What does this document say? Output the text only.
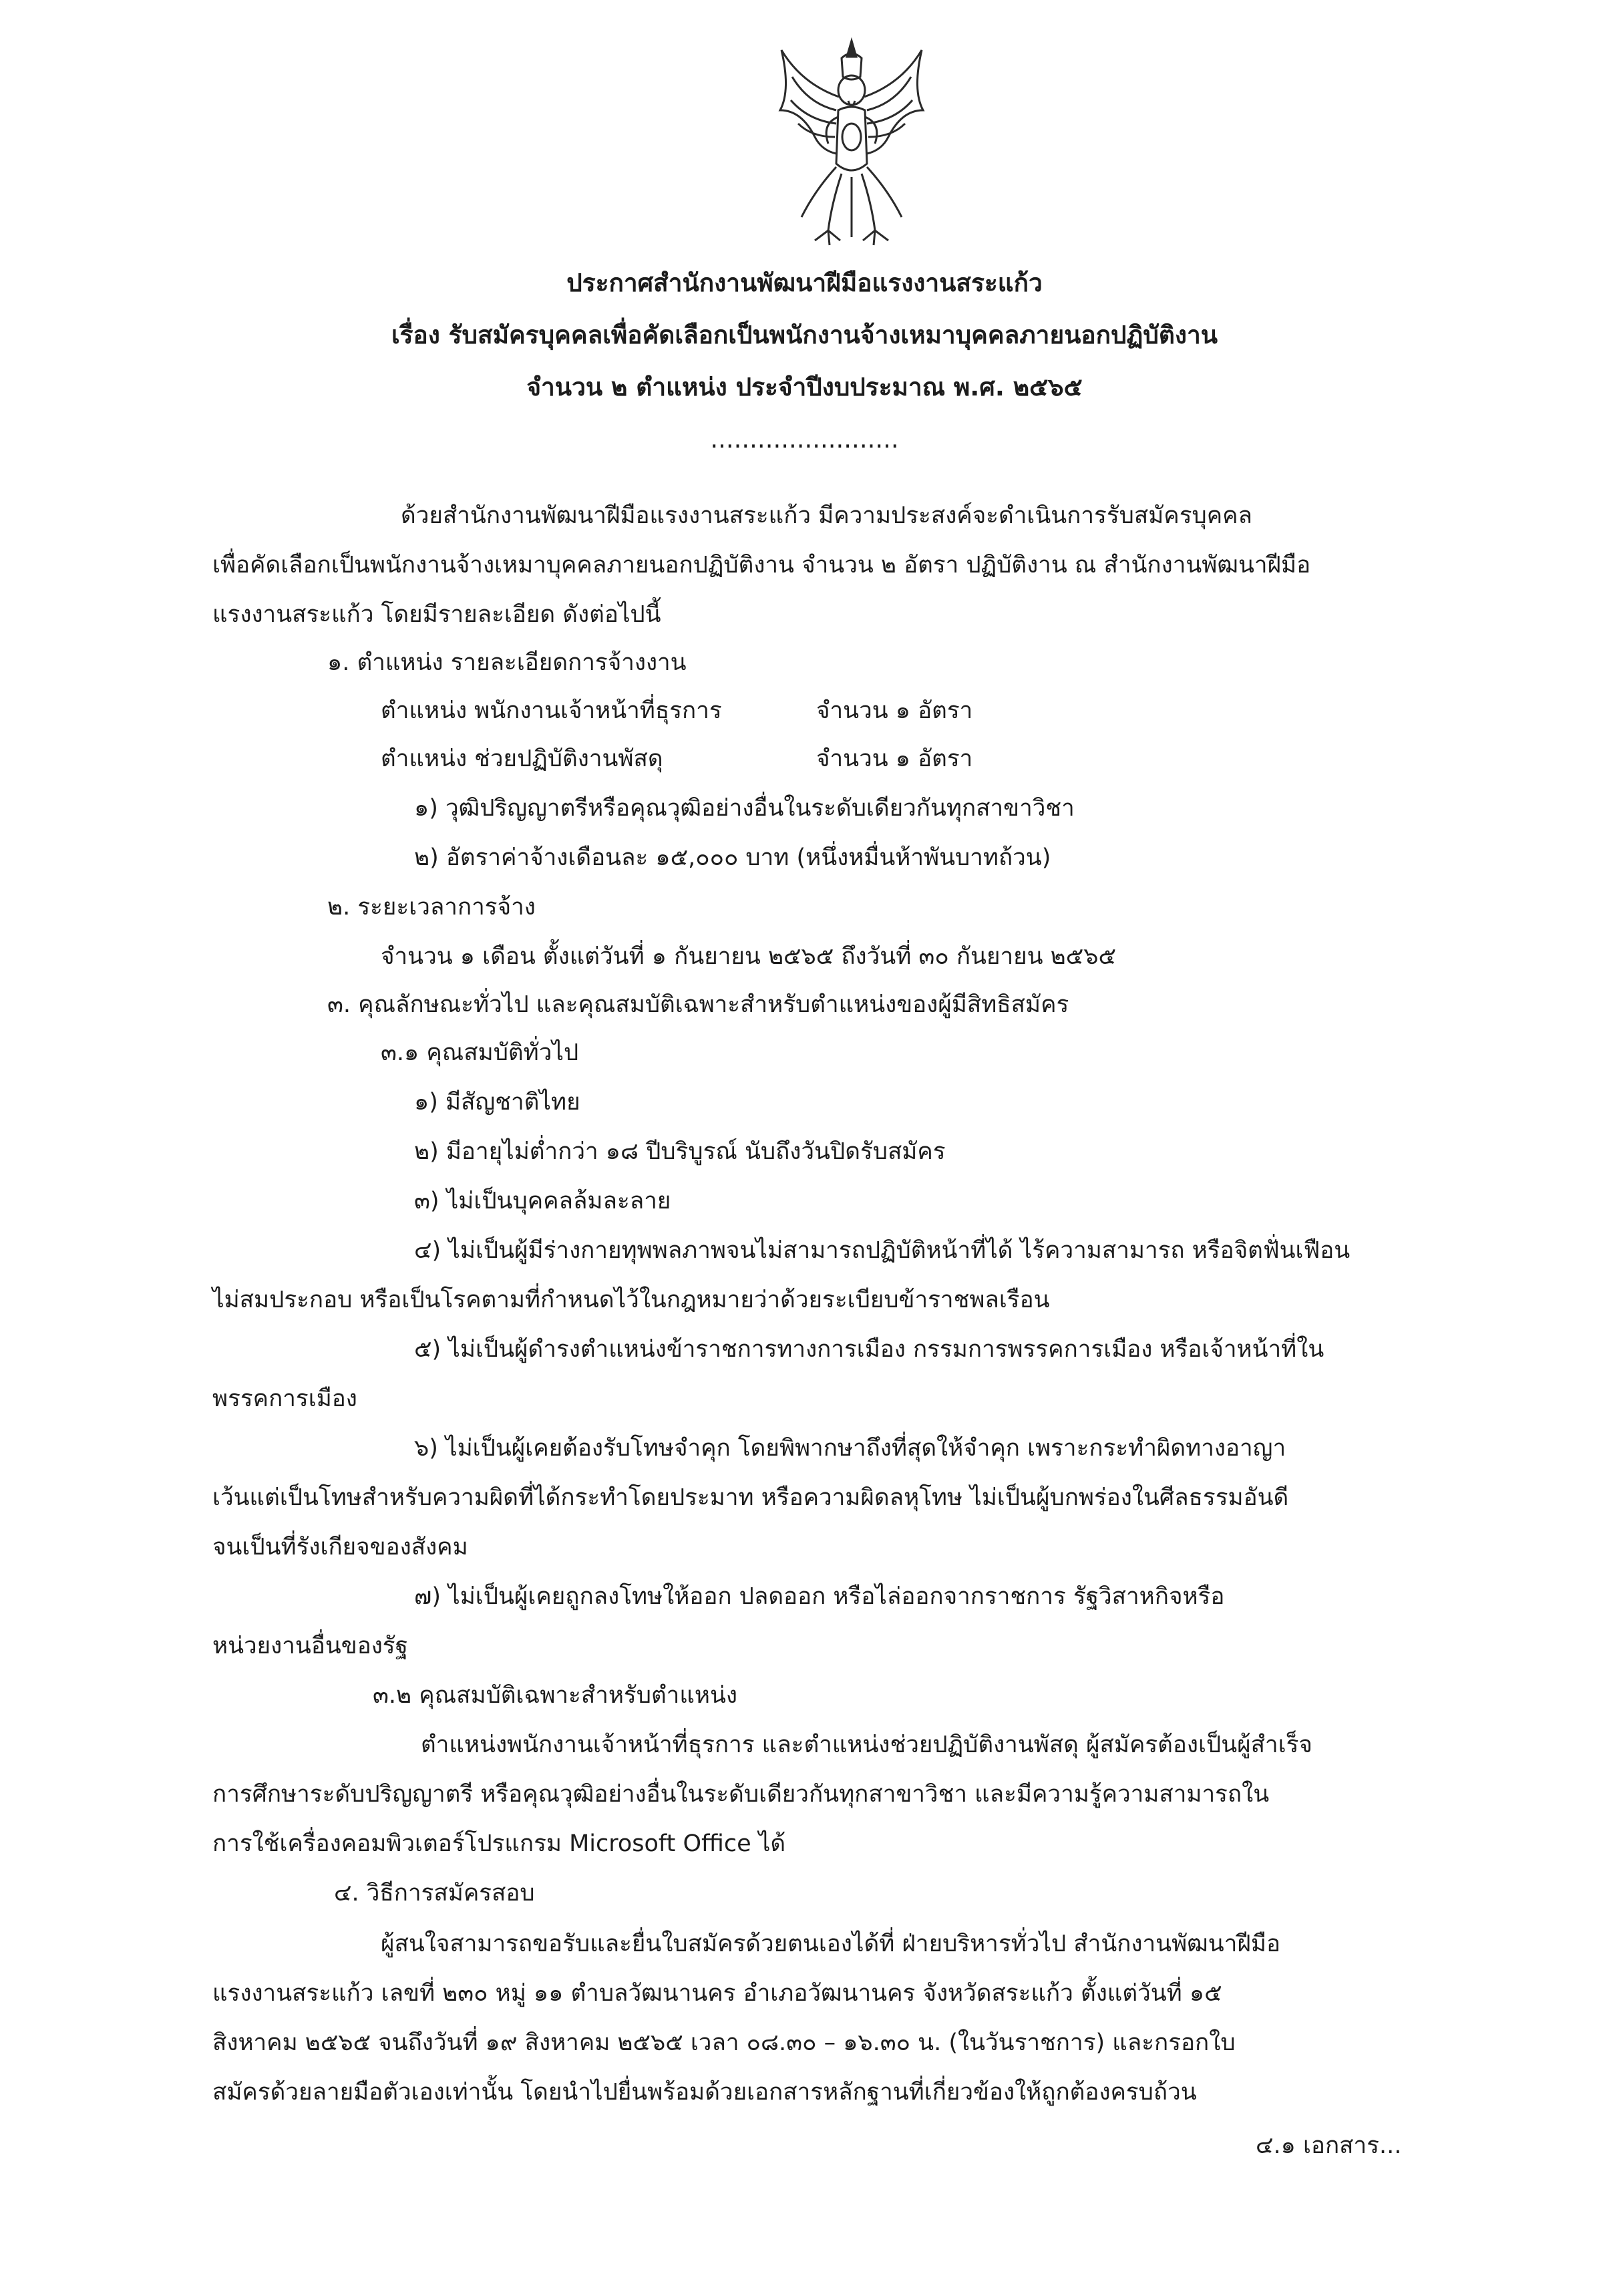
ประกาศสำนักงานพัฒนาฝีมือแรงงานสระแก้ว
เรื่อง รับสมัครบุคคลเพื่อคัดเลือกเป็นพนักงานจ้างเหมาบุคคลภายนอกปฏิบัติงาน
จำนวน ๒ ตำแหน่ง ประจำปีงบประมาณ พ.ศ. ๒๕๖๕
........................
ด้วยสำนักงานพัฒนาฝีมือแรงงานสระแก้ว มีความประสงค์จะดำเนินการรับสมัครบุคคล
เพื่อคัดเลือกเป็นพนักงานจ้างเหมาบุคคลภายนอกปฏิบัติงาน จำนวน ๒ อัตรา ปฏิบัติงาน ณ สำนักงานพัฒนาฝีมือ
แรงงานสระแก้ว โดยมีรายละเอียด ดังต่อไปนี้
๑. ตำแหน่ง รายละเอียดการจ้างงาน
ตำแหน่ง พนักงานเจ้าหน้าที่ธุรการ	จำนวน ๑ อัตรา
ตำแหน่ง ช่วยปฏิบัติงานพัสดุ	จำนวน ๑ อัตรา
๑) วุฒิปริญญาตรีหรือคุณวุฒิอย่างอื่นในระดับเดียวกันทุกสาขาวิชา
๒) อัตราค่าจ้างเดือนละ ๑๕,๐๐๐ บาท (หนึ่งหมื่นห้าพันบาทถ้วน)
๒. ระยะเวลาการจ้าง
จำนวน ๑ เดือน ตั้งแต่วันที่ ๑ กันยายน ๒๕๖๕ ถึงวันที่ ๓๐ กันยายน ๒๕๖๕
๓. คุณลักษณะทั่วไป และคุณสมบัติเฉพาะสำหรับตำแหน่งของผู้มีสิทธิสมัคร
๓.๑ คุณสมบัติทั่วไป
๑) มีสัญชาติไทย
๒) มีอายุไม่ต่ำกว่า ๑๘ ปีบริบูรณ์ นับถึงวันปิดรับสมัคร
๓) ไม่เป็นบุคคลล้มละลาย
๔) ไม่เป็นผู้มีร่างกายทุพพลภาพจนไม่สามารถปฏิบัติหน้าที่ได้ ไร้ความสามารถ หรือจิตฟั่นเฟือน
ไม่สมประกอบ หรือเป็นโรคตามที่กำหนดไว้ในกฎหมายว่าด้วยระเบียบข้าราชพลเรือน
๕) ไม่เป็นผู้ดำรงตำแหน่งข้าราชการทางการเมือง กรรมการพรรคการเมือง หรือเจ้าหน้าที่ใน
พรรคการเมือง
๖) ไม่เป็นผู้เคยต้องรับโทษจำคุก โดยพิพากษาถึงที่สุดให้จำคุก เพราะกระทำผิดทางอาญา
เว้นแต่เป็นโทษสำหรับความผิดที่ได้กระทำโดยประมาท หรือความผิดลหุโทษ ไม่เป็นผู้บกพร่องในศีลธรรมอันดี
จนเป็นที่รังเกียจของสังคม
๗) ไม่เป็นผู้เคยถูกลงโทษให้ออก ปลดออก หรือไล่ออกจากราชการ รัฐวิสาหกิจหรือ
หน่วยงานอื่นของรัฐ
๓.๒ คุณสมบัติเฉพาะสำหรับตำแหน่ง
ตำแหน่งพนักงานเจ้าหน้าที่ธุรการ และตำแหน่งช่วยปฏิบัติงานพัสดุ ผู้สมัครต้องเป็นผู้สำเร็จ
การศึกษาระดับปริญญาตรี หรือคุณวุฒิอย่างอื่นในระดับเดียวกันทุกสาขาวิชา และมีความรู้ความสามารถใน
การใช้เครื่องคอมพิวเตอร์โปรแกรม Microsoft Office ได้
๔. วิธีการสมัครสอบ
ผู้สนใจสามารถขอรับและยื่นใบสมัครด้วยตนเองได้ที่ ฝ่ายบริหารทั่วไป สำนักงานพัฒนาฝีมือ
แรงงานสระแก้ว เลขที่ ๒๓๐ หมู่ ๑๑ ตำบลวัฒนานคร อำเภอวัฒนานคร จังหวัดสระแก้ว ตั้งแต่วันที่ ๑๕
สิงหาคม ๒๕๖๕ จนถึงวันที่ ๑๙ สิงหาคม ๒๕๖๕ เวลา ๐๘.๓๐ – ๑๖.๓๐ น. (ในวันราชการ) และกรอกใบ
สมัครด้วยลายมือตัวเองเท่านั้น โดยนำไปยื่นพร้อมด้วยเอกสารหลักฐานที่เกี่ยวข้องให้ถูกต้องครบถ้วน
๔.๑ เอกสาร...
